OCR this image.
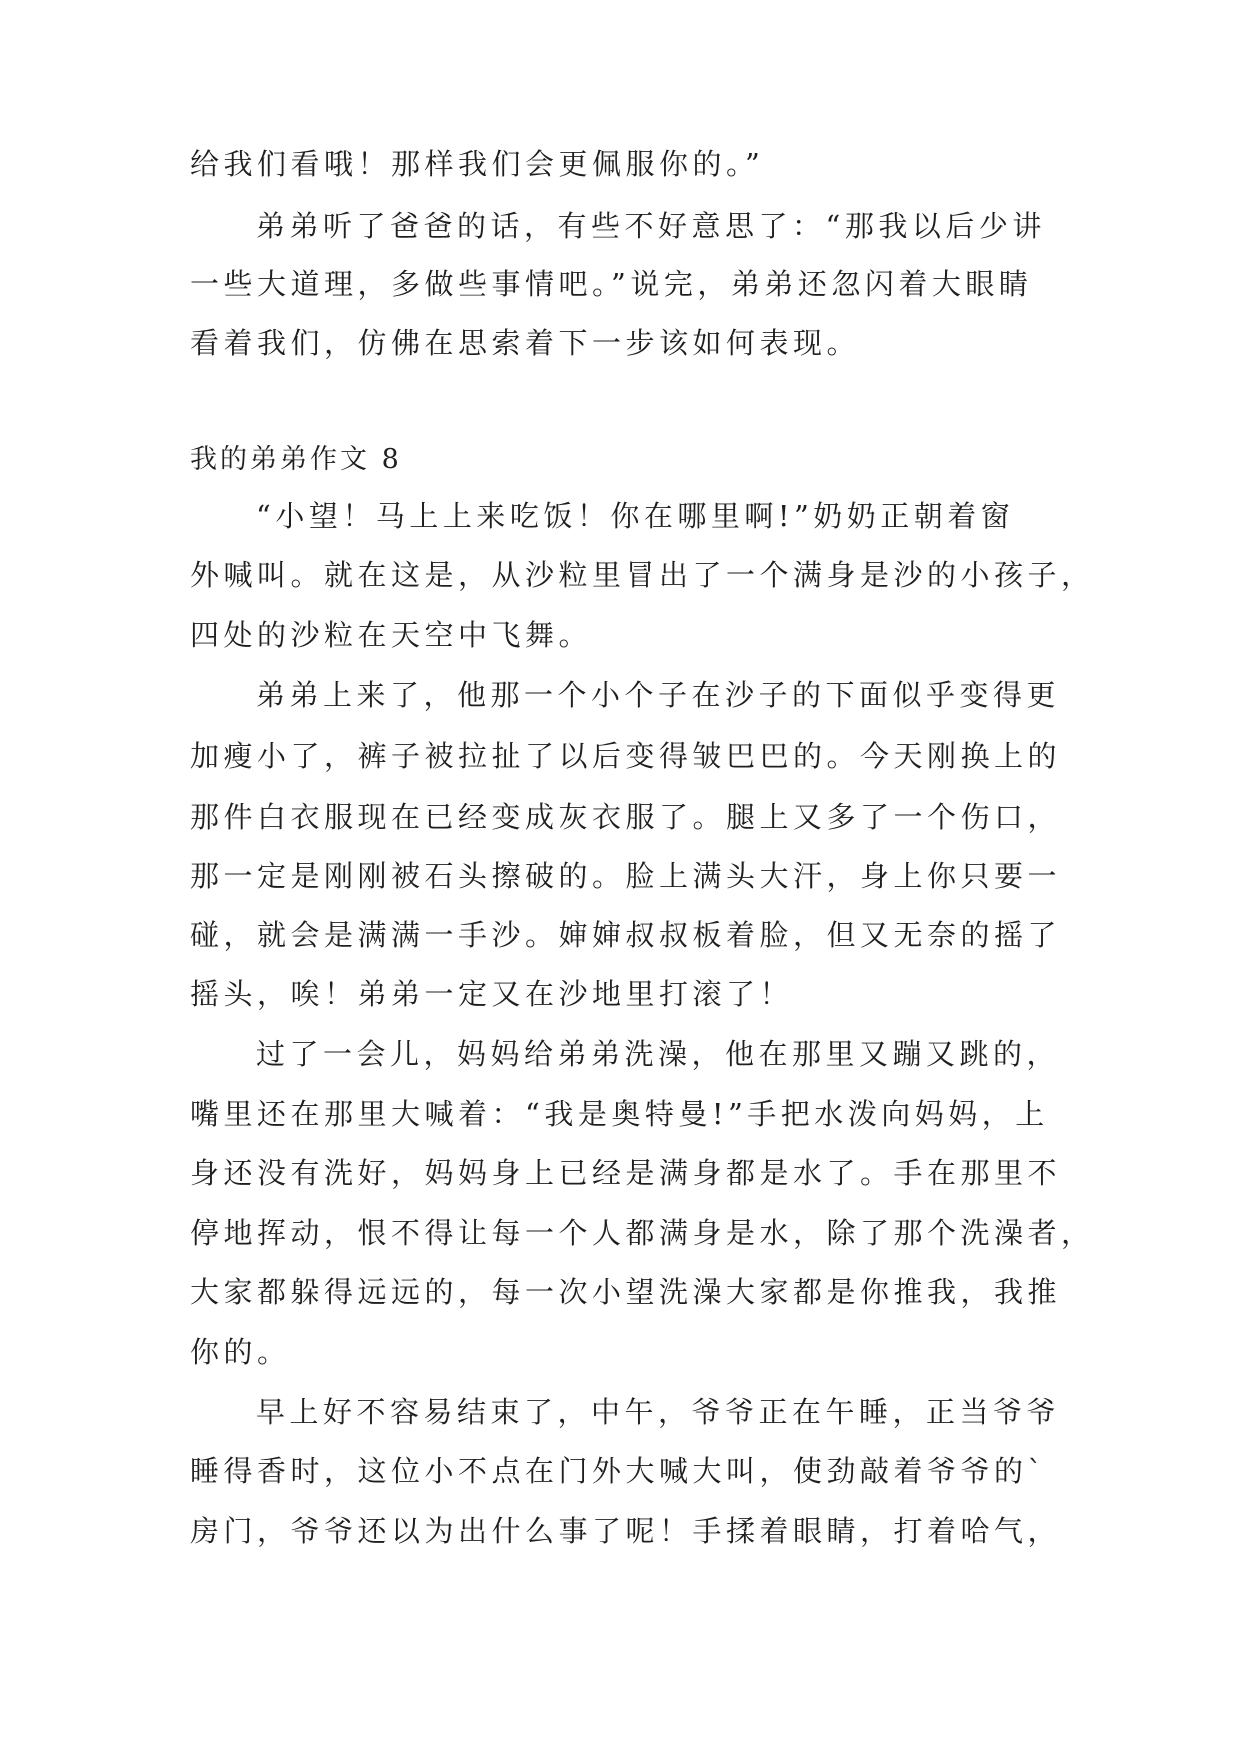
给我们看哦！那样我们会更佩服你的。”
弟弟听了爸爸的话，有些不好意思了：“那我以后少讲
一些大道理，多做些事情吧。”说完，弟弟还忽闪着大眼睛
看着我们，仿佛在思索着下一步该如何表现。
我的弟弟作文 8
“小望！马上上来吃饭！你在哪里啊!”奶奶正朝着窗
外喊叫。就在这是，从沙粒里冒出了一个满身是沙的小孩子，
四处的沙粒在天空中飞舞。
弟弟上来了，他那一个小个子在沙子的下面似乎变得更
加瘦小了，裤子被拉扯了以后变得皱巴巴的。今天刚换上的
那件白衣服现在已经变成灰衣服了。腿上又多了一个伤口，
那一定是刚刚被石头擦破的。脸上满头大汗，身上你只要一
碰，就会是满满一手沙。婶婶叔叔板着脸，但又无奈的摇了
摇头，唉！弟弟一定又在沙地里打滚了！
过了一会儿，妈妈给弟弟洗澡，他在那里又蹦又跳的，
嘴里还在那里大喊着：“我是奥特曼!”手把水泼向妈妈，上
身还没有洗好，妈妈身上已经是满身都是水了。手在那里不
停地挥动，恨不得让每一个人都满身是水，除了那个洗澡者，
大家都躲得远远的，每一次小望洗澡大家都是你推我，我推
你的。
早上好不容易结束了，中午，爷爷正在午睡，正当爷爷
睡得香时，这位小不点在门外大喊大叫，使劲敲着爷爷的`
房门，爷爷还以为出什么事了呢！手揉着眼睛，打着哈气，
